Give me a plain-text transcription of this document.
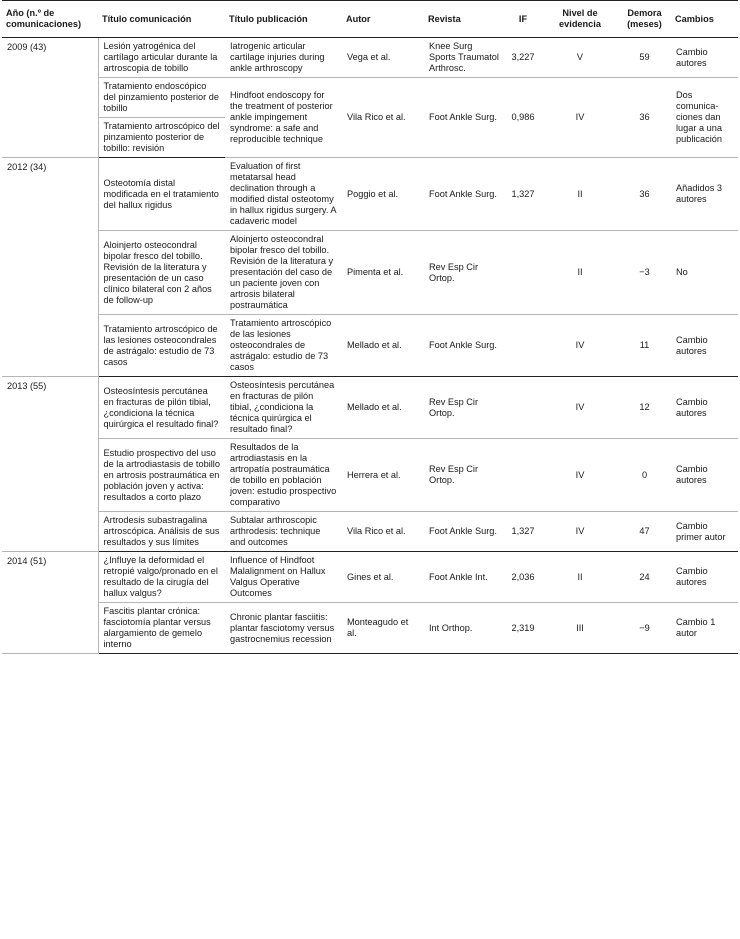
Año (n.º de comunicaciones)	Título comunicación	Título publicación	Autor	Revista	IF	Nivel de evidencia	Demora (meses)	Cambios
2009 (43)	Lesión yatrogénica del cartílago articular durante la artroscopia de tobillo	Iatrogenic articular cartilage injuries during ankle arthroscopy	Vega et al.	Knee Surg Sports Traumatol Arthrosc.	3,227	V	59	Cambio autores
	Tratamiento endoscópico del pinzamiento posterior de tobillo	Hindfoot endoscopy for the treatment of posterior ankle impingement syndrome: a safe and reproducible technique	Vila Rico et al.	Foot Ankle Surg.	0,986	IV	36	Dos comunica-ciones dan lugar a una publicación
	Tratamiento artroscópico del pinzamiento posterior de tobillo: revisión							
2012 (34)	Osteotomía distal modificada en el tratamiento del hallux rigidus	Evaluation of first metatarsal head declination through a modified distal osteotomy in hallux rigidus surgery. A cadaveric model	Poggio et al.	Foot Ankle Surg.	1,327	II	36	Añadidos 3 autores
	Aloinjerto osteocondral bipolar fresco del tobillo. Revisión de la literatura y presentación de un caso clínico bilateral con 2 años de follow-up	Aloinjerto osteocondral bipolar fresco del tobillo. Revisión de la literatura y presentación del caso de un paciente joven con artrosis bilateral postraumática	Pimenta et al.	Rev Esp Cir Ortop.		II	−3	No
	Tratamiento artroscópico de las lesiones osteocondrales de astrágalo: estudio de 73 casos	Tratamiento artroscópico de las lesiones osteocondrales de astrágalo: estudio de 73 casos	Mellado et al.	Foot Ankle Surg.		IV	11	Cambio autores
2013 (55)	Osteosíntesis percutánea en fracturas de pilón tibial, ¿condiciona la técnica quirúrgica el resultado final?	Osteosíntesis percutánea en fracturas de pilón tibial, ¿condiciona la técnica quirúrgica el resultado final?	Mellado et al.	Rev Esp Cir Ortop.		IV	12	Cambio autores
	Estudio prospectivo del uso de la artrodiastasis de tobillo en artrosis postraumática en población joven y activa: resultados a corto plazo	Resultados de la artrodiastasis en la artropatía postraumática de tobillo en población joven: estudio prospectivo comparativo	Herrera et al.	Rev Esp Cir Ortop.		IV	0	Cambio autores
	Artrodesis subastragalina artroscópica. Análisis de sus resultados y sus límites	Subtalar arthroscopic arthrodesis: technique and outcomes	Vila Rico et al.	Foot Ankle Surg.	1,327	IV	47	Cambio primer autor
2014 (51)	¿Influye la deformidad el retropié valgo/pronado en el resultado de la cirugía del hallux valgus?	Influence of Hindfoot Malalignment on Hallux Valgus Operative Outcomes	Gines et al.	Foot Ankle Int.	2,036	II	24	Cambio autores
	Fascitis plantar crónica: fasciotomía plantar versus alargamiento de gemelo interno	Chronic plantar fasciitis: plantar fasciotomy versus gastrocnemius recession	Monteagudo et al.	Int Orthop.	2,319	III	−9	Cambio 1 autor
